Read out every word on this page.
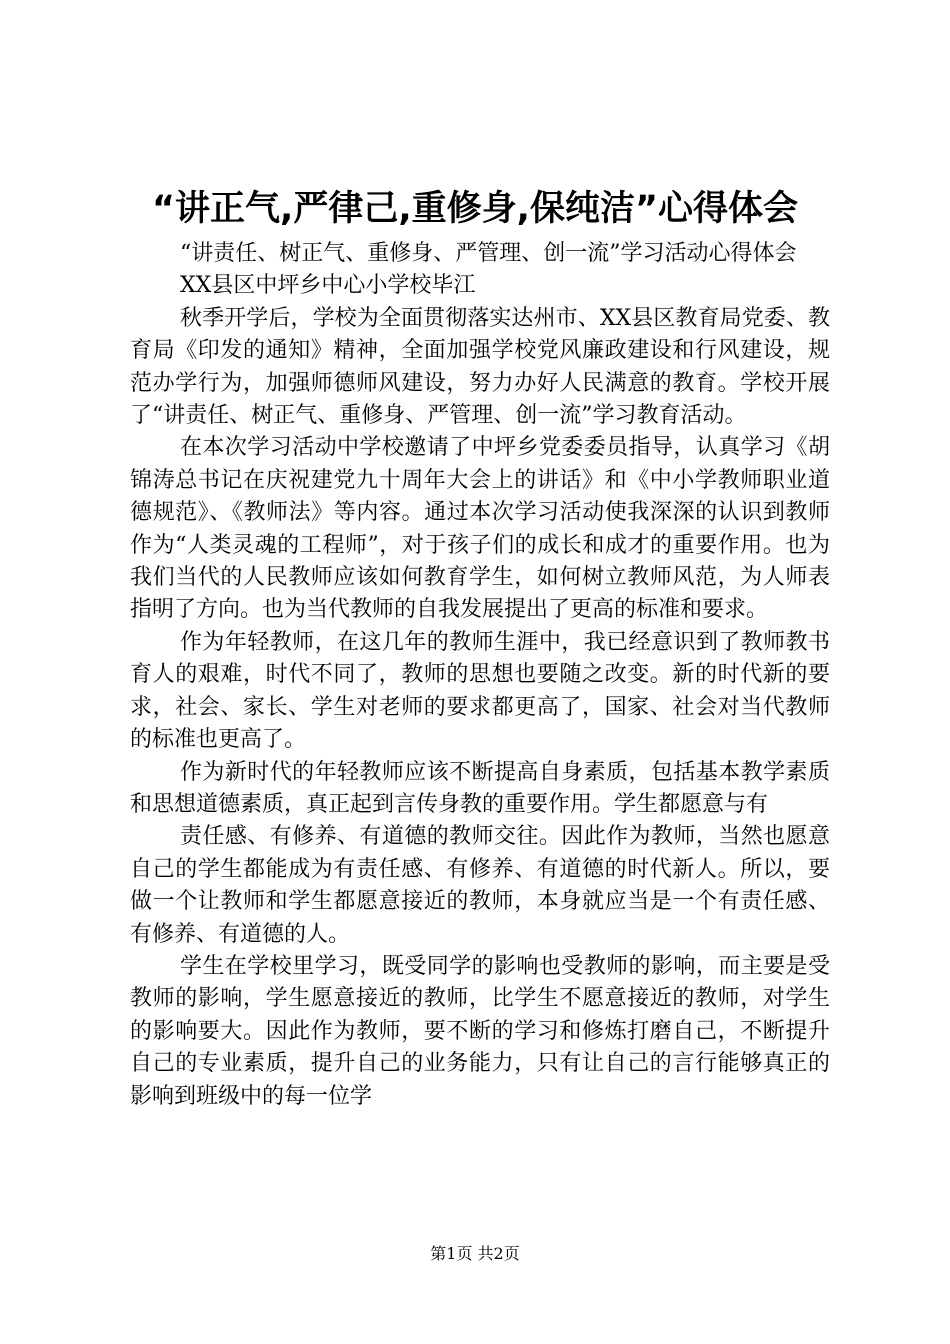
“讲正气,严律己,重修身,保纯洁”心得体会

“讲责任、树正气、重修身、严管理、创一流”学习活动心得体会

XX县区中坪乡中心小学校毕江

秋季开学后，学校为全面贯彻落实达州市、XX县区教育局党委、教育局《印发的通知》精神，全面加强学校党风廉政建设和行风建设，规范办学行为，加强师德师风建设，努力办好人民满意的教育。学校开展了“讲责任、树正气、重修身、严管理、创一流”学习教育活动。

在本次学习活动中学校邀请了中坪乡党委委员指导，认真学习《胡锦涛总书记在庆祝建党九十周年大会上的讲话》和《中小学教师职业道德规范》、《教师法》等内容。通过本次学习活动使我深深的认识到教师作为“人类灵魂的工程师”，对于孩子们的成长和成才的重要作用。也为我们当代的人民教师应该如何教育学生，如何树立教师风范，为人师表指明了方向。也为当代教师的自我发展提出了更高的标准和要求。

作为年轻教师，在这几年的教师生涯中，我已经意识到了教师教书育人的艰难，时代不同了，教师的思想也要随之改变。新的时代新的要求，社会、家长、学生对老师的要求都更高了，国家、社会对当代教师的标准也更高了。

作为新时代的年轻教师应该不断提高自身素质，包括基本教学素质和思想道德素质，真正起到言传身教的重要作用。学生都愿意与有

责任感、有修养、有道德的教师交往。因此作为教师，当然也愿意自己的学生都能成为有责任感、有修养、有道德的时代新人。所以，要做一个让教师和学生都愿意接近的教师，本身就应当是一个有责任感、有修养、有道德的人。

学生在学校里学习，既受同学的影响也受教师的影响，而主要是受教师的影响，学生愿意接近的教师，比学生不愿意接近的教师，对学生的影响要大。因此作为教师，要不断的学习和修炼打磨自己，不断提升自己的专业素质，提升自己的业务能力，只有让自己的言行能够真正的影响到班级中的每一位学

第1页 共2页
